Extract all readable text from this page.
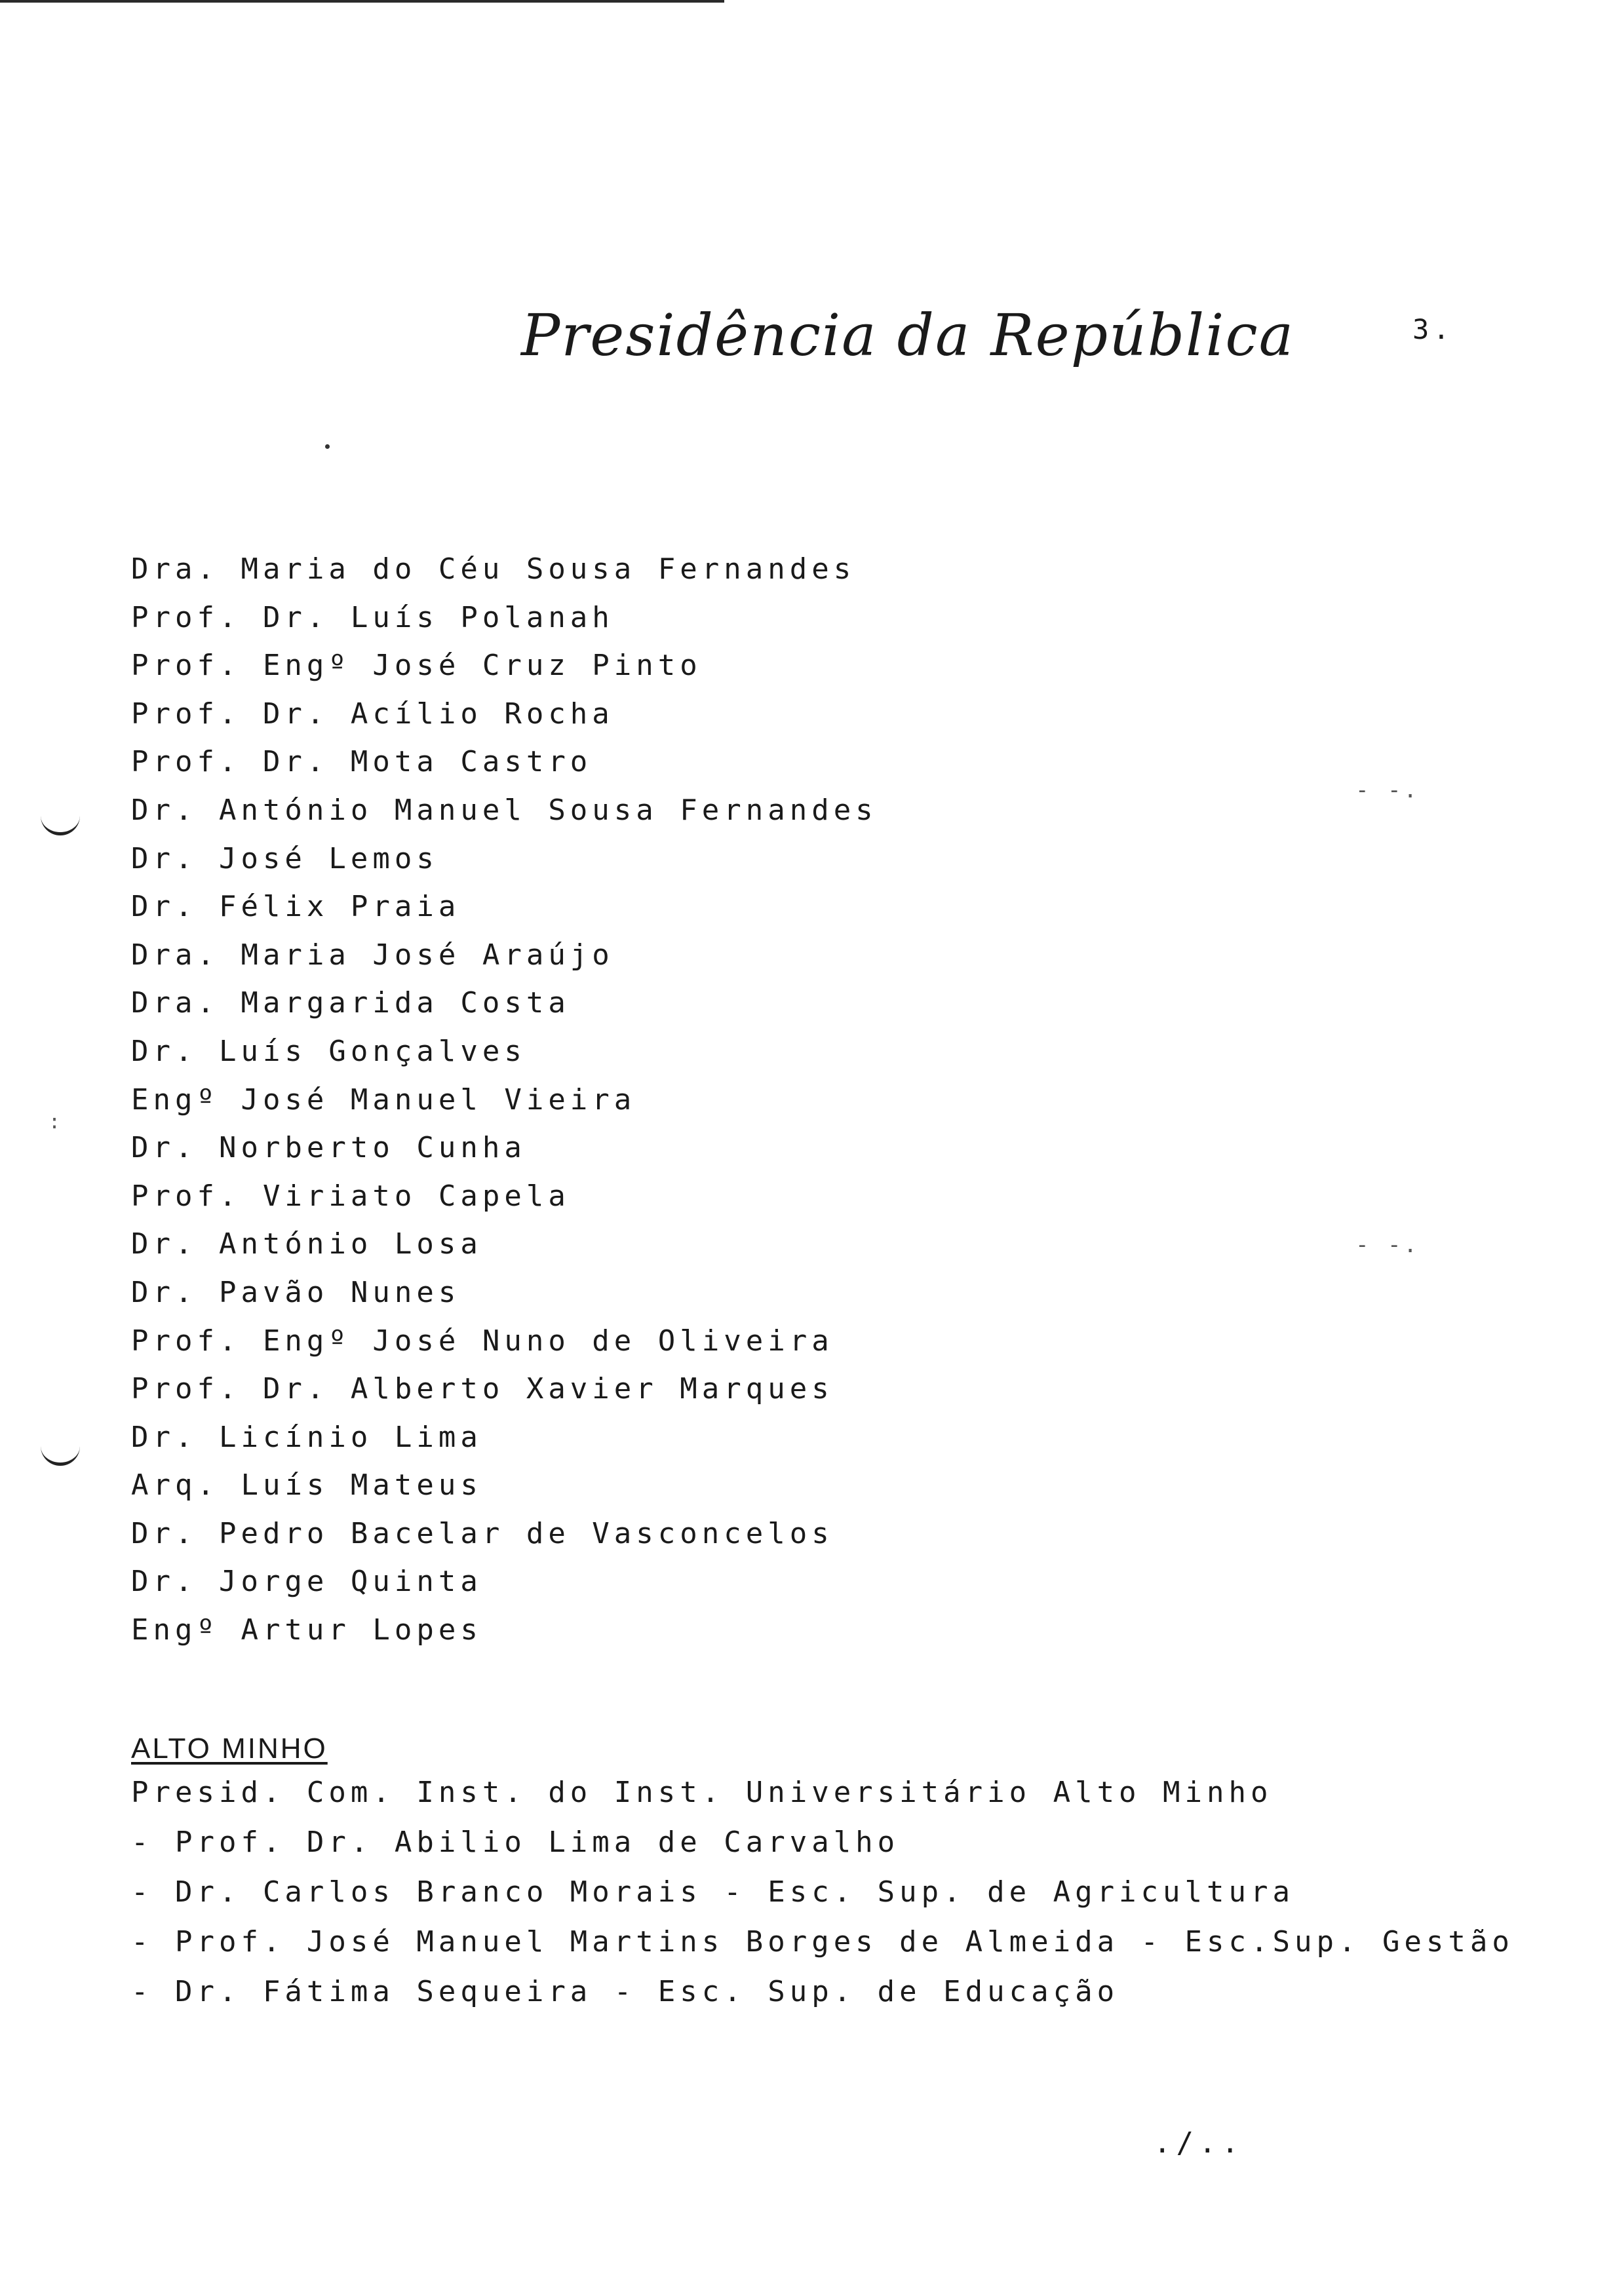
Presidência da República	3.
Dra. Maria do Céu Sousa Fernandes
Prof. Dr. Luís Polanah
Prof. Engº José Cruz Pinto
Prof. Dr. Acílio Rocha
Prof. Dr. Mota Castro
Dr. António Manuel Sousa Fernandes
Dr. José Lemos
Dr. Félix Praia
Dra. Maria José Araújo
Dra. Margarida Costa
Dr. Luís Gonçalves
Engº José Manuel Vieira
Dr. Norberto Cunha
Prof. Viriato Capela
Dr. António Losa
Dr. Pavão Nunes
Prof. Engº José Nuno de Oliveira
Prof. Dr. Alberto Xavier Marques
Dr. Licínio Lima
Arq. Luís Mateus
Dr. Pedro Bacelar de Vasconcelos
Dr. Jorge Quinta
Engº Artur Lopes
ALTO MINHO
Presid. Com. Inst. do Inst. Universitário Alto Minho
- Prof. Dr. Abilio Lima de Carvalho
- Dr. Carlos Branco Morais - Esc. Sup. de Agricultura
- Prof. José Manuel Martins Borges de Almeida - Esc.Sup. Gestão
- Dr. Fátima Sequeira - Esc. Sup. de Educação
./..
:
- -.
- -.
